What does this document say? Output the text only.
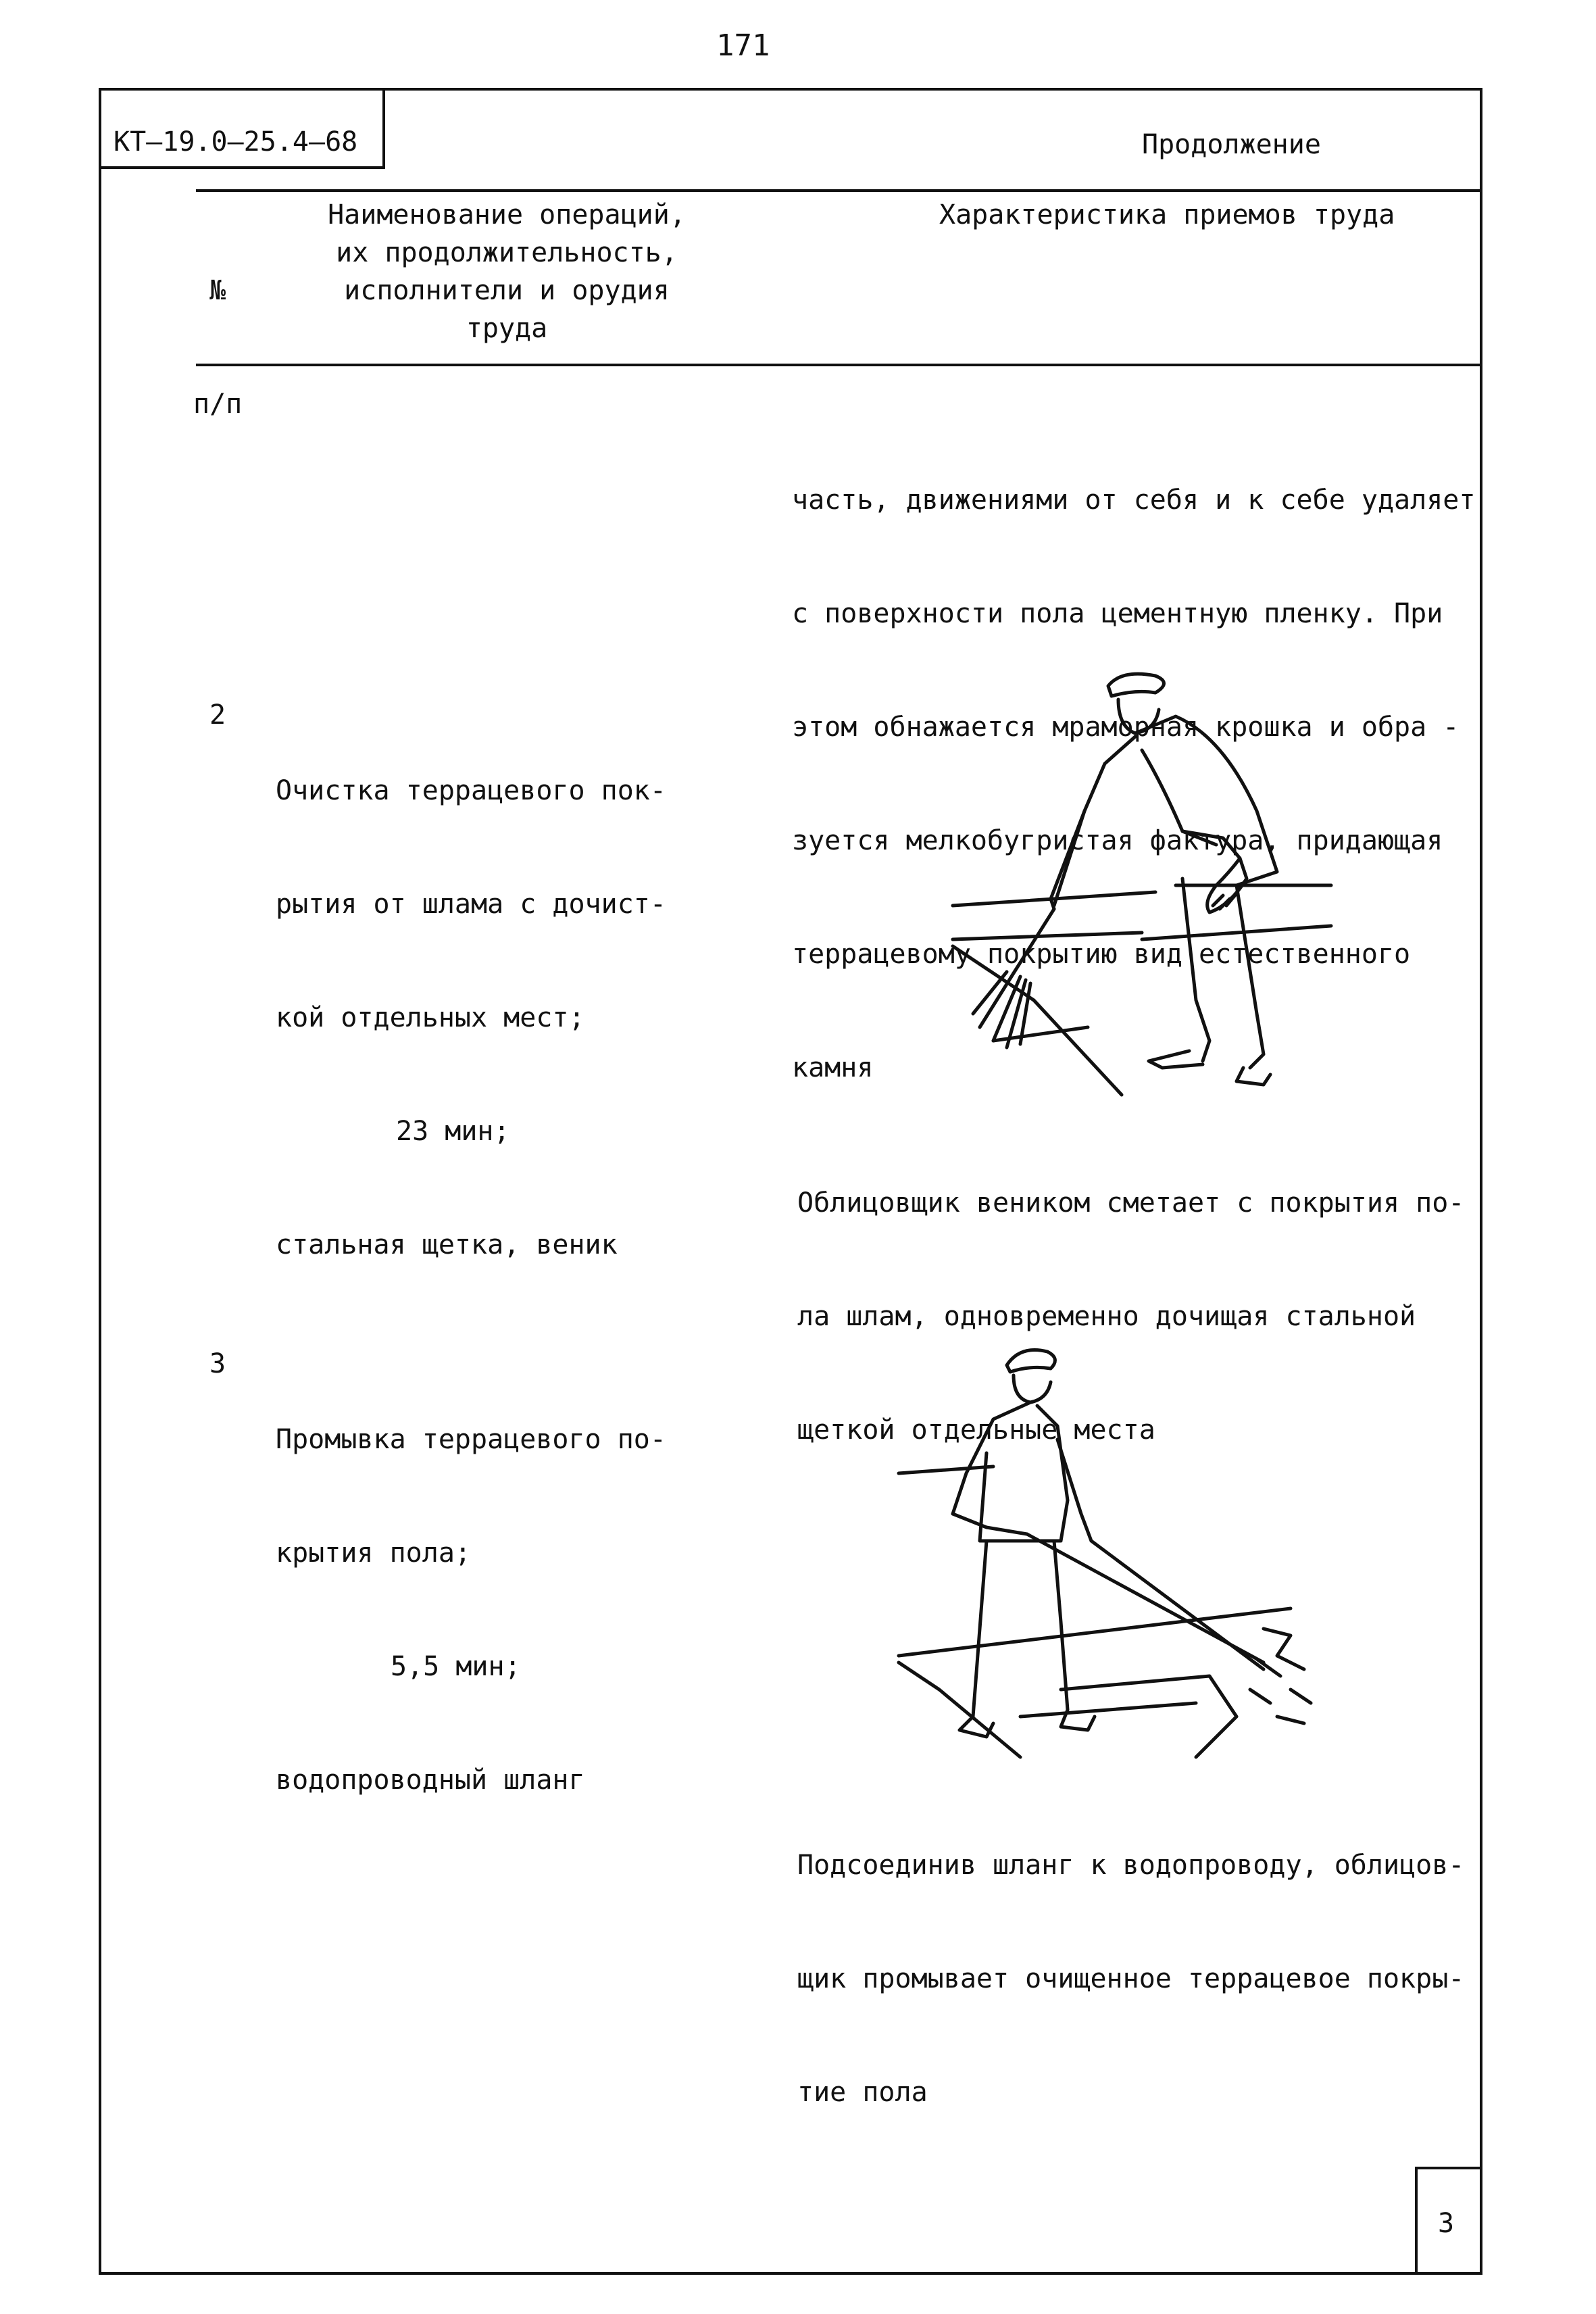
171
КТ–19.0–25.4–68	Продолжение

№

п/п

Наименование операций,
их продолжительность,
исполнители и орудия
труда
Характеристика приемов труда

часть, движениями от себя и к себе удаляет

с поверхности пола цементную пленку. При

этом обнажается мраморная крошка и обра -

зуется мелкобугристая фактура, придающая

террацевому покрытию вид естественного

камня

2

Очистка террацевого пок-

рытия от шлама с дочист-

кой отдельных мест;

23 мин;

стальная щетка, веник

Облицовщик веником сметает с покрытия по-

ла шлам, одновременно дочищая стальной

щеткой отдельные места

3

Промывка террацевого по-

крытия пола;

5,5 мин;

водопроводный шланг

Подсоединив шланг к водопроводу, облицов-

щик промывает очищенное террацевое покры-

тие пола

3
